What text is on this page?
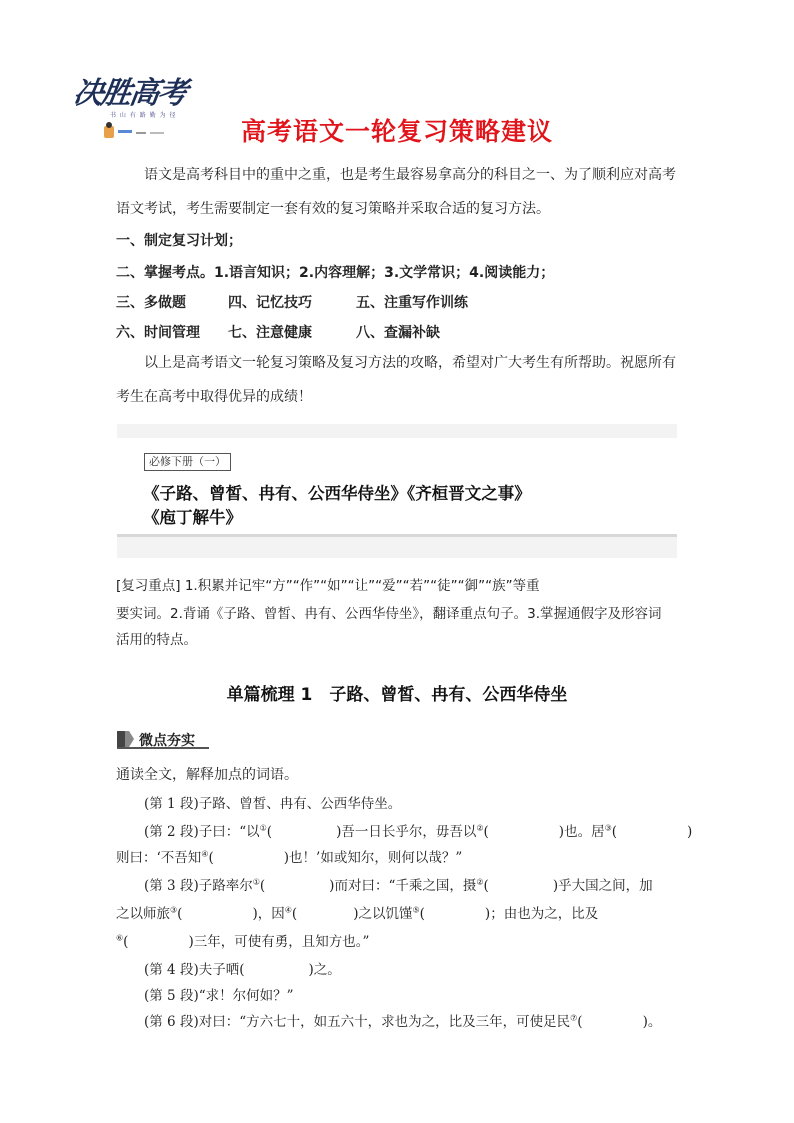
决胜高考
书 山 有 路 勤 为 径
高考语文一轮复习策略建议
语文是高考科目中的重中之重，也是考生最容易拿高分的科目之一、为了顺利应对高考
语文考试，考生需要制定一套有效的复习策略并采取合适的复习方法。
一、制定复习计划；
二、掌握考点。1.语言知识；2.内容理解；3.文学常识；4.阅读能力；
三、多做题	四、记忆技巧	五、注重写作训练
六、时间管理 七、注意健康	八、查漏补缺
以上是高考语文一轮复习策略及复习方法的攻略，希望对广大考生有所帮助。祝愿所有
考生在高考中取得优异的成绩！
必修下册（一）
《子路、曾皙、冉有、公西华侍坐》《齐桓晋文之事》
《庖丁解牛》
[复习重点] 1.积累并记牢“方”“作”“如”“让”“爱”“若”“徒”“御”“族”等重
要实词。2.背诵《子路、曾皙、冉有、公西华侍坐》，翻译重点句子。3.掌握通假字及形容词
活用的特点。
单篇梳理 1　子路、曾皙、冉有、公西华侍坐
微点夯实
通读全文，解释加点的词语。
(第 1 段)子路、曾皙、冉有、公西华侍坐。
(第 2 段)子曰：“以①(	)吾一日长乎尔，毋吾以②(	)也。居③(	)
则曰：‘不吾知④(	)也！’如或知尔，则何以哉？”
(第 3 段)子路率尔①(	)而对曰：“千乘之国，摄②(	)乎大国之间，加
之以师旅③(	)，因④(	)之以饥馑⑤(	)；由也为之，比及
⑥(	)三年，可使有勇，且知方也。”
(第 4 段)夫子哂(	)之。
(第 5 段)“求！尔何如？”
(第 6 段)对曰：“方六七十，如五六十，求也为之，比及三年，可使足民⑦(	)。
